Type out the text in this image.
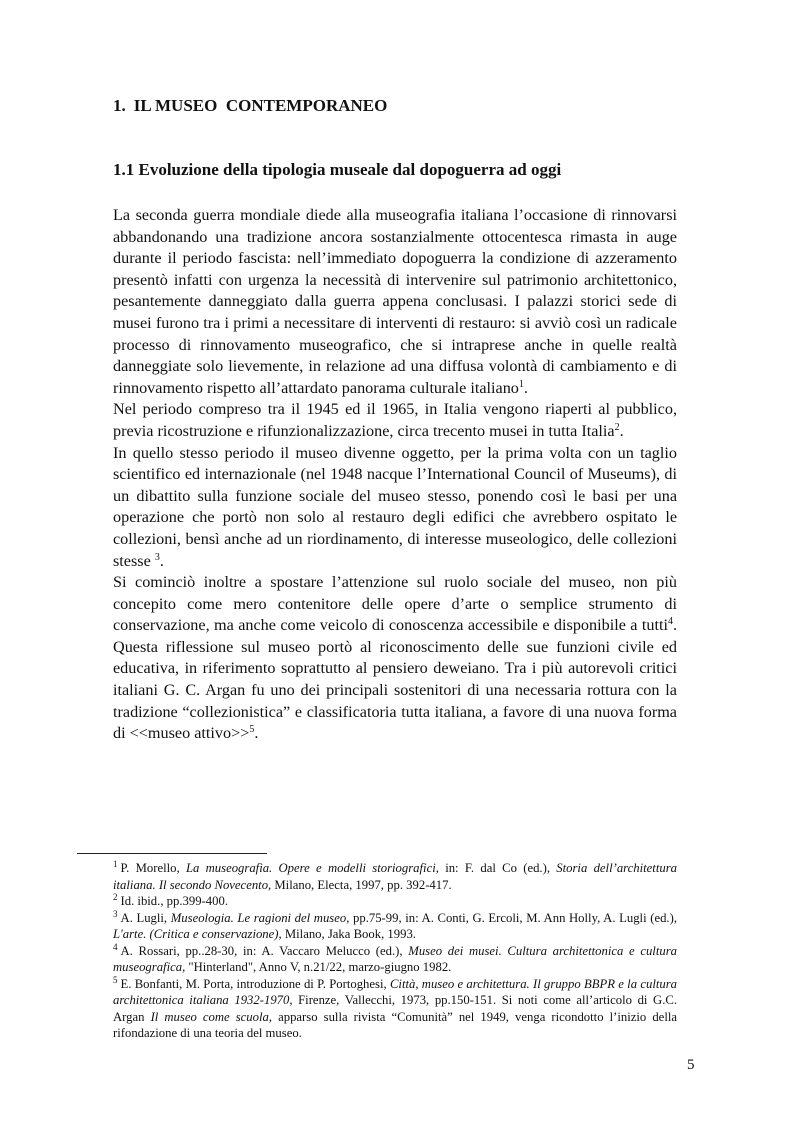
1. IL MUSEO  CONTEMPORANEO
1.1 Evoluzione della tipologia museale dal dopoguerra ad oggi

La seconda guerra mondiale diede alla museografia italiana l’occasione di rinnovarsi abbandonando una tradizione ancora sostanzialmente ottocentesca rimasta in auge durante il periodo fascista: nell’immediato dopoguerra la condizione di azzeramento presentò infatti con urgenza la necessità di intervenire sul patrimonio architettonico, pesantemente danneggiato dalla guerra appena conclusasi. I palazzi storici sede di musei furono tra i primi a necessitare di interventi di restauro: si avviò così un radicale processo di rinnovamento museografico, che si intraprese anche in quelle realtà danneggiate solo lievemente, in relazione ad una diffusa volontà di cambiamento e di rinnovamento rispetto all’attardato panorama culturale italiano$^1$.

Nel periodo compreso tra il 1945 ed il 1965, in Italia vengono riaperti al pubblico, previa ricostruzione e rifunzionalizzazione, circa trecento musei in tutta Italia$^2$.

In quello stesso periodo il museo divenne oggetto, per la prima volta con un taglio scientifico ed internazionale (nel 1948 nacque l’International Council of Museums), di un dibattito sulla funzione sociale del museo stesso, ponendo così le basi per una operazione che portò non solo al restauro degli edifici che avrebbero ospitato le collezioni, bensì anche ad un riordinamento, di interesse museologico, delle collezioni stesse $^3$.

Si cominciò inoltre a spostare l’attenzione sul ruolo sociale del museo, non più concepito come mero contenitore delle opere d’arte o semplice strumento di conservazione, ma anche come veicolo di conoscenza accessibile e disponibile a tutti$^4$. Questa riflessione sul museo portò al riconoscimento delle sue funzioni civile ed educativa, in riferimento soprattutto al pensiero deweiano. Tra i più autorevoli critici italiani G. C. Argan fu uno dei principali sostenitori di una necessaria rottura con la tradizione “collezionistica” e classificatoria tutta italiana, a favore di una nuova forma di <<museo attivo>>$^5$.

$^1$ P. Morello, La museografia. Opere e modelli storiografici, in: F. dal Co (ed.), Storia dell’architettura italiana. Il secondo Novecento, Milano, Electa, 1997, pp. 392-417.

$^2$ Id. ibid., pp.399-400.

$^3$ A. Lugli, Museologia. Le ragioni del museo, pp.75-99, in: A. Conti, G. Ercoli, M. Ann Holly, A. Lugli (ed.), L'arte. (Critica e conservazione), Milano, Jaka Book, 1993.

$^4$ A. Rossari, pp..28-30, in: A. Vaccaro Melucco (ed.), Museo dei musei. Cultura architettonica e cultura museografica, "Hinterland", Anno V, n.21/22, marzo-giugno 1982.

$^5$ E. Bonfanti, M. Porta, introduzione di P. Portoghesi, Città, museo e architettura. Il gruppo BBPR e la cultura architettonica italiana 1932-1970, Firenze, Vallecchi, 1973, pp.150-151. Si noti come all’articolo di G.C. Argan Il museo come scuola, apparso sulla rivista “Comunità” nel 1949, venga ricondotto l’inizio della rifondazione di una teoria del museo.

5
